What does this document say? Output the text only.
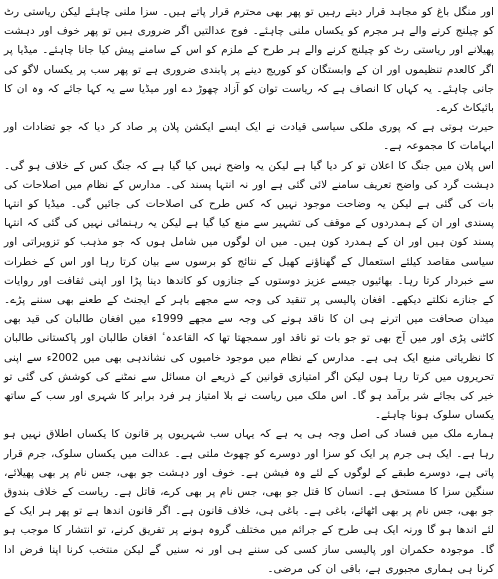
اور منگل باغ کو مجاہد قرار دیتے رہیں تو پھر بھی محترم قرار پاتے ہیں۔ سزا ملنی چاہئے لیکن ریاستی رٹ کو چیلنج کرنے والے ہر مجرم کو یکساں ملنی چاہئے۔ فوج عدالتیں اگر ضروری ہیں تو پھر خوف اور دہشت پھیلانے اور ریاستی رٹ کو چیلنج کرنے والے ہر طرح کے ملزم کو اس کے سامنے پیش کیا جانا چاہئے۔ میڈیا پر اگر کالعدم تنظیموں اور ان کے وابستگان کو کوریج دینے پر پابندی ضروری ہے تو پھر سب پر یکساں لاگو کی جانی چاہئے۔ یہ کہاں کا انصاف ہے کہ ریاست توان کو آزاد چھوڑ دے اور میڈیا سے یہ کہا جائے کہ وہ ان کا بائیکاٹ کرے۔

حیرت ہوتی ہے کہ پوری ملکی سیاسی قیادت نے ایک ایسے ایکشن پلان پر صاد کر دیا کہ جو تضادات اور ابہامات کا مجموعہ ہے۔

اس پلان میں جنگ کا اعلان تو کر دیا گیا ہے لیکن یہ واضح نہیں کیا گیا ہے کہ جنگ کس کے خلاف ہو گی۔ دہشت گرد کی واضح تعریف سامنے لائی گئی ہے اور نہ انتہا پسند کی۔ مدارس کے نظام میں اصلاحات کی بات کی گئی ہے لیکن یہ وضاحت موجود نہیں کہ کس طرح کی اصلاحات کی جائیں گی۔ میڈیا کو انتہا پسندی اور ان کے ہمدردوں کے موقف کی تشہیر سے منع کیا گیا ہے لیکن یہ رہنمائی نہیں کی گئی کہ انتہا پسند کون ہیں اور ان کے ہمدرد کون ہیں۔ میں ان لوگوں میں شامل ہوں کہ جو مذہب کو تزویراتی اور سیاسی مقاصد کیلئے استعمال کے گھناؤنے کھیل کے نتائج کو برسوں سے بیان کرتا رہا اور اس کے خطرات سے خبردار کرتا رہا۔ بھائیوں جیسے عزیز دوستوں کے جنازوں کو کاندھا دینا پڑا اور اپنی ثقافت اور روایات کے جنازے نکلتے دیکھے۔ افغان پالیسی پر تنقید کی وجہ سے مجھے باہر کے ایجنٹ کے طعنے بھی سننے پڑے۔ میدان صحافت میں اترنے ہی ان کا ناقد ہونے کی وجہ سے مجھے 1999ء میں افغان طالبان کی قید بھی کاٹنی پڑی اور میں آج بھی تو جو بات تو ناقد اور سمجھتا تھا کہ القاعدہ ٔ افغان طالبان اور پاکستانی طالبان کا نظریاتی منبع ایک ہی ہے۔ مدارس کے نظام میں موجود خامیوں کی نشاندہی بھی میں 2002ء سے اپنی تحریروں میں کرتا رہا ہوں لیکن اگر امتیازی قوانین کے ذریعے ان مسائل سے نمٹنے کی کوشش کی گئی تو خیر کی بجائے شر برآمد ہو گا۔ اس ملک میں ریاست نے بلا امتیاز ہر فرد برابر کا شہری اور سب کے ساتھ یکساں سلوک ہونا چاہئے۔

ہمارے ملک میں فساد کی اصل وجہ ہی یہ ہے کہ یہاں سب شہریوں پر قانون کا یکساں اطلاق نہیں ہو رہا ہے۔ ایک ہی جرم پر ایک کو سزا اور دوسرے کو چھوٹ ملتی ہے۔ عدالت میں یکساں سلوک، جرم قرار پاتی ہے، دوسرے طبقے کے لوگوں کے لئے وہ فیشن ہے۔ خوف اور دہشت جو بھی، جس نام پر بھی پھیلائے، سنگین سزا کا مستحق ہے۔ انسان کا قتل جو بھی، جس نام پر بھی کرے، قاتل ہے۔ ریاست کے خلاف بندوق جو بھی، جس نام پر بھی اٹھائے، باغی ہے۔ باغی ہی، خلاف قانون ہے۔ اگر قانون اندھا ہے تو پھر ہر ایک کے لئے اندھا ہو گا ورنہ ایک ہی طرح کے جرائم میں مختلف گروہ ہونے پر تفریق کرنے، تو انتشار کا موجب ہو گا۔ موجودہ حکمران اور پالیسی ساز کسی کی سننے ہی اور نہ سنیں گے لیکن منتخب کرنا اپنا فرض ادا کرنا ہی ہماری مجبوری ہے، باقی ان کی مرضی۔
